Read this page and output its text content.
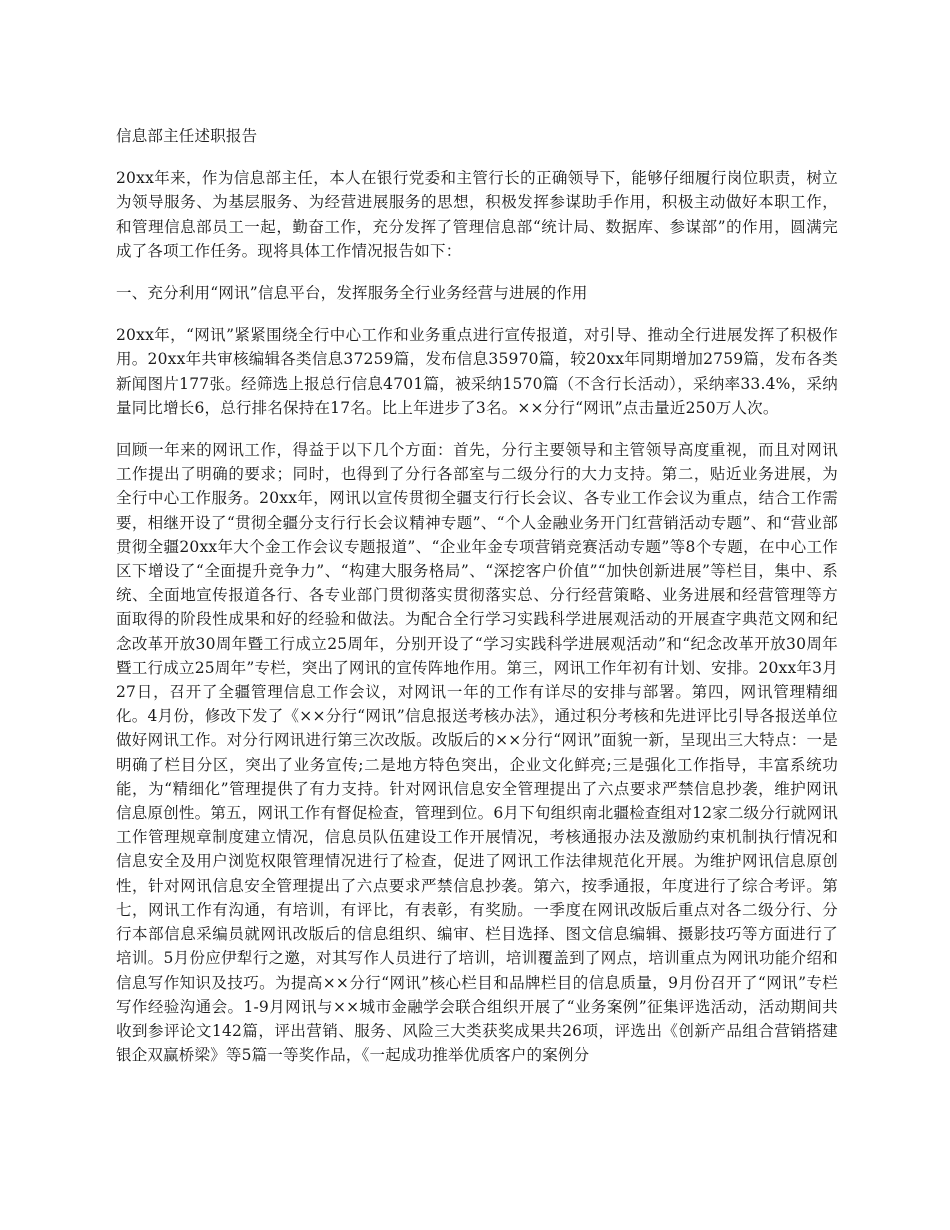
信息部主任述职报告

20xx年来，作为信息部主任，本人在银行党委和主管行长的正确领导下，能够仔细履行岗位职责，树立为领导服务、为基层服务、为经营进展服务的思想，积极发挥参谋助手作用，积极主动做好本职工作，和管理信息部员工一起，勤奋工作，充分发挥了管理信息部“统计局、数据库、参谋部”的作用，圆满完成了各项工作任务。现将具体工作情况报告如下：

一、充分利用“网讯”信息平台，发挥服务全行业务经营与进展的作用

20xx年，“网讯”紧紧围绕全行中心工作和业务重点进行宣传报道，对引导、推动全行进展发挥了积极作用。20xx年共审核编辑各类信息37259篇，发布信息35970篇，较20xx年同期增加2759篇，发布各类新闻图片177张。经筛选上报总行信息4701篇，被采纳1570篇（不含行长活动），采纳率33.4%，采纳量同比增长6，总行排名保持在17名。比上年进步了3名。××分行“网讯”点击量近250万人次。

回顾一年来的网讯工作，得益于以下几个方面：首先，分行主要领导和主管领导高度重视，而且对网讯工作提出了明确的要求；同时，也得到了分行各部室与二级分行的大力支持。第二，贴近业务进展，为全行中心工作服务。20xx年，网讯以宣传贯彻全疆支行行长会议、各专业工作会议为重点，结合工作需要，相继开设了“贯彻全疆分支行行长会议精神专题”、“个人金融业务开门红营销活动专题”、和“营业部贯彻全疆20xx年大个金工作会议专题报道”、“企业年金专项营销竞赛活动专题”等8个专题，在中心工作区下增设了“全面提升竞争力”、“构建大服务格局”、“深挖客户价值”“加快创新进展”等栏目，集中、系统、全面地宣传报道各行、各专业部门贯彻落实贯彻落实总、分行经营策略、业务进展和经营管理等方面取得的阶段性成果和好的经验和做法。为配合全行学习实践科学进展观活动的开展查字典范文网和纪念改革开放30周年暨工行成立25周年，分别开设了“学习实践科学进展观活动”和“纪念改革开放30周年暨工行成立25周年”专栏，突出了网讯的宣传阵地作用。第三，网讯工作年初有计划、安排。20xx年3月27日，召开了全疆管理信息工作会议，对网讯一年的工作有详尽的安排与部署。第四，网讯管理精细化。4月份，修改下发了《××分行“网讯”信息报送考核办法》，通过积分考核和先进评比引导各报送单位做好网讯工作。对分行网讯进行第三次改版。改版后的××分行“网讯”面貌一新，呈现出三大特点：一是明确了栏目分区，突出了业务宣传;二是地方特色突出，企业文化鲜亮;三是强化工作指导，丰富系统功能，为“精细化”管理提供了有力支持。针对网讯信息安全管理提出了六点要求严禁信息抄袭，维护网讯信息原创性。第五，网讯工作有督促检查，管理到位。6月下旬组织南北疆检查组对12家二级分行就网讯工作管理规章制度建立情况，信息员队伍建设工作开展情况，考核通报办法及激励约束机制执行情况和信息安全及用户浏览权限管理情况进行了检查，促进了网讯工作法律规范化开展。为维护网讯信息原创性，针对网讯信息安全管理提出了六点要求严禁信息抄袭。第六，按季通报，年度进行了综合考评。第七，网讯工作有沟通，有培训，有评比，有表彰，有奖励。一季度在网讯改版后重点对各二级分行、分行本部信息采编员就网讯改版后的信息组织、编审、栏目选择、图文信息编辑、摄影技巧等方面进行了培训。5月份应伊犁行之邀，对其写作人员进行了培训，培训覆盖到了网点，培训重点为网讯功能介绍和信息写作知识及技巧。为提高××分行“网讯”核心栏目和品牌栏目的信息质量，9月份召开了“网讯”专栏写作经验沟通会。1-9月网讯与××城市金融学会联合组织开展了“业务案例”征集评选活动，活动期间共收到参评论文142篇，评出营销、服务、风险三大类获奖成果共26项，评选出《创新产品组合营销搭建银企双赢桥梁》等5篇一等奖作品，《一起成功推举优质客户的案例分
